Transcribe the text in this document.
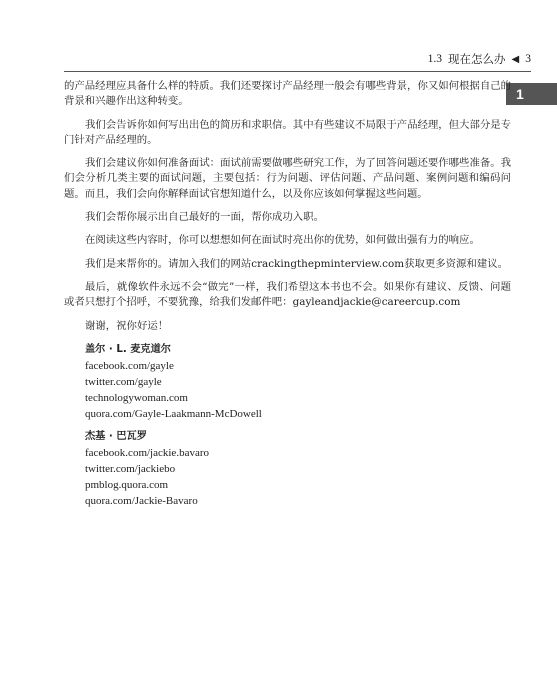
1.3 现在怎么办 ◀ 3
1

的产品经理应具备什么样的特质。我们还要探讨产品经理一般会有哪些背景，你又如何根据自己的背景和兴趣作出这种转变。

我们会告诉你如何写出出色的简历和求职信。其中有些建议不局限于产品经理，但大部分是专门针对产品经理的。

我们会建议你如何准备面试：面试前需要做哪些研究工作，为了回答问题还要作哪些准备。我们会分析几类主要的面试问题，主要包括：行为问题、评估问题、产品问题、案例问题和编码问题。而且，我们会向你解释面试官想知道什么，以及你应该如何掌握这些问题。

我们会帮你展示出自己最好的一面，帮你成功入职。

在阅读这些内容时，你可以想想如何在面试时亮出你的优势，如何做出强有力的响应。

我们是来帮你的。请加入我们的网站crackingthepminterview.com获取更多资源和建议。

最后，就像软件永远不会“做完”一样，我们希望这本书也不会。如果你有建议、反馈、问题或者只想打个招呼，不要犹豫，给我们发邮件吧：gayleandjackie@careercup.com

谢谢，祝你好运！

盖尔 · L. 麦克道尔
facebook.com/gayle
twitter.com/gayle
technologywoman.com
quora.com/Gayle-Laakmann-McDowell
杰基 · 巴瓦罗
facebook.com/jackie.bavaro
twitter.com/jackiebo
pmblog.quora.com
quora.com/Jackie-Bavaro
